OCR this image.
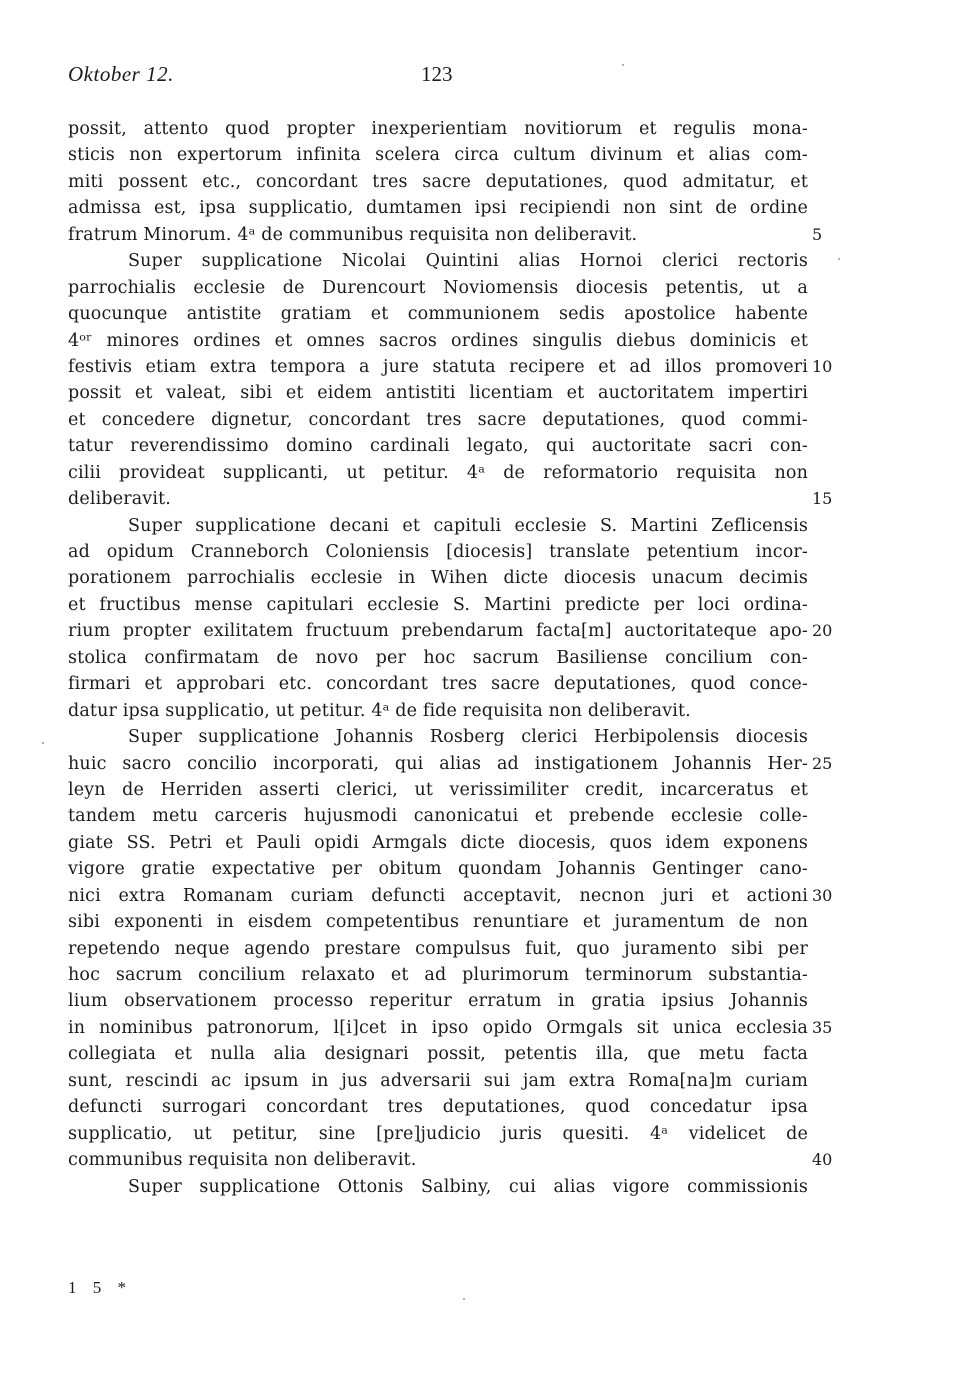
Oktober 12.	123
possit, attento quod propter inexperientiam novitiorum et regulis mona-
sticis non expertorum infinita scelera circa cultum divinum et alias com-
miti possent etc., concordant tres sacre deputationes, quod admitatur, et
admissa est, ipsa supplicatio, dumtamen ipsi recipiendi non sint de ordine
fratrum Minorum. 4ᵃ de communibus requisita non deliberavit.
Super supplicatione Nicolai Quintini alias Hornoi clerici rectoris
parrochialis ecclesie de Durencourt Noviomensis diocesis petentis, ut a
quocunque antistite gratiam et communionem sedis apostolice habente
4ᵒʳ minores ordines et omnes sacros ordines singulis diebus dominicis et
festivis etiam extra tempora a jure statuta recipere et ad illos promoveri
possit et valeat, sibi et eidem antistiti licentiam et auctoritatem impertiri
et concedere dignetur, concordant tres sacre deputationes, quod commi-
tatur reverendissimo domino cardinali legato, qui auctoritate sacri con-
cilii provideat supplicanti, ut petitur. 4ᵃ de reformatorio requisita non
deliberavit.
Super supplicatione decani et capituli ecclesie S. Martini Zeflicensis
ad opidum Cranneborch Coloniensis [diocesis] translate petentium incor-
porationem parrochialis ecclesie in Wihen dicte diocesis unacum decimis
et fructibus mense capitulari ecclesie S. Martini predicte per loci ordina-
rium propter exilitatem fructuum prebendarum facta[m] auctoritateque apo-
stolica confirmatam de novo per hoc sacrum Basiliense concilium con-
firmari et approbari etc. concordant tres sacre deputationes, quod conce-
datur ipsa supplicatio, ut petitur. 4ᵃ de fide requisita non deliberavit.
Super supplicatione Johannis Rosberg clerici Herbipolensis diocesis
huic sacro concilio incorporati, qui alias ad instigationem Johannis Her-
leyn de Herriden asserti clerici, ut verissimiliter credit, incarceratus et
tandem metu carceris hujusmodi canonicatui et prebende ecclesie colle-
giate SS. Petri et Pauli opidi Armgals dicte diocesis, quos idem exponens
vigore gratie expectative per obitum quondam Johannis Gentinger cano-
nici extra Romanam curiam defuncti acceptavit, necnon juri et actioni
sibi exponenti in eisdem competentibus renuntiare et juramentum de non
repetendo neque agendo prestare compulsus fuit, quo juramento sibi per
hoc sacrum concilium relaxato et ad plurimorum terminorum substantia-
lium observationem processo reperitur erratum in gratia ipsius Johannis
in nominibus patronorum, l[i]cet in ipso opido Ormgals sit unica ecclesia
collegiata et nulla alia designari possit, petentis illa, que metu facta
sunt, rescindi ac ipsum in jus adversarii sui jam extra Roma[na]m curiam
defuncti surrogari concordant tres deputationes, quod concedatur ipsa
supplicatio, ut petitur, sine [pre]judicio juris quesiti. 4ᵃ videlicet de
communibus requisita non deliberavit.
Super supplicatione Ottonis Salbiny, cui alias vigore commissionis
5
10
15
20
25
30
35
40
1 5 *
